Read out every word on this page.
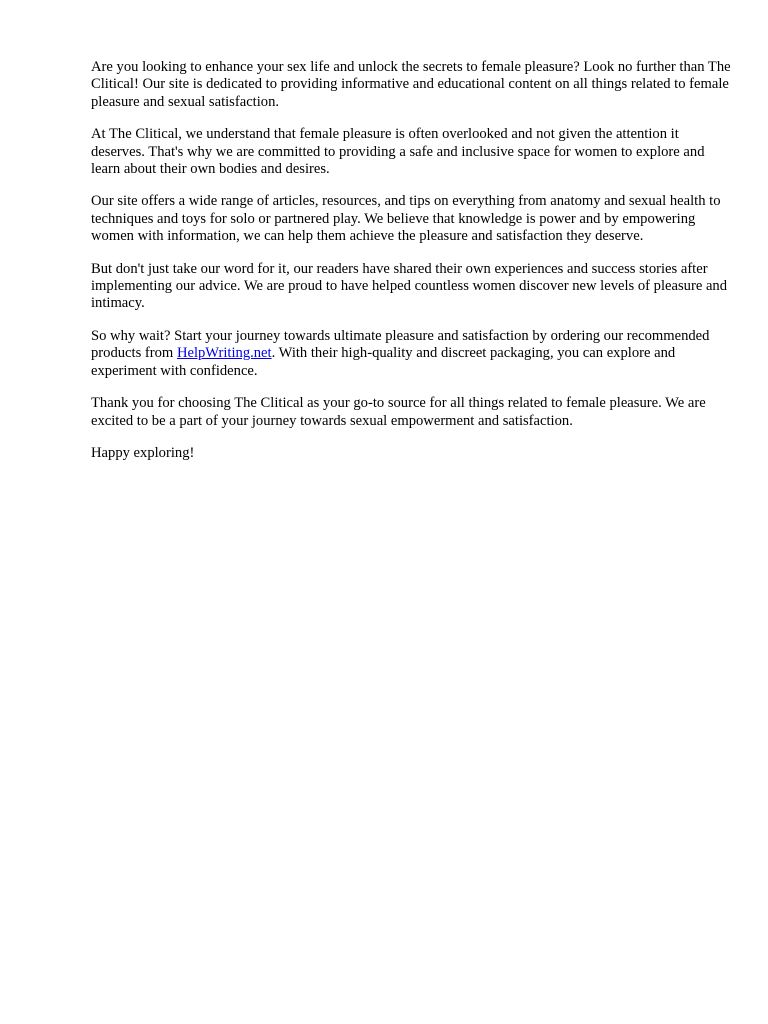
Are you looking to enhance your sex life and unlock the secrets to female pleasure? Look no further than The Clitical! Our site is dedicated to providing informative and educational content on all things related to female pleasure and sexual satisfaction.

At The Clitical, we understand that female pleasure is often overlooked and not given the attention it deserves. That's why we are committed to providing a safe and inclusive space for women to explore and learn about their own bodies and desires.

Our site offers a wide range of articles, resources, and tips on everything from anatomy and sexual health to techniques and toys for solo or partnered play. We believe that knowledge is power and by empowering women with information, we can help them achieve the pleasure and satisfaction they deserve.

But don't just take our word for it, our readers have shared their own experiences and success stories after implementing our advice. We are proud to have helped countless women discover new levels of pleasure and intimacy.

So why wait? Start your journey towards ultimate pleasure and satisfaction by ordering our recommended products from HelpWriting.net. With their high-quality and discreet packaging, you can explore and experiment with confidence.

Thank you for choosing The Clitical as your go-to source for all things related to female pleasure. We are excited to be a part of your journey towards sexual empowerment and satisfaction.

Happy exploring!
